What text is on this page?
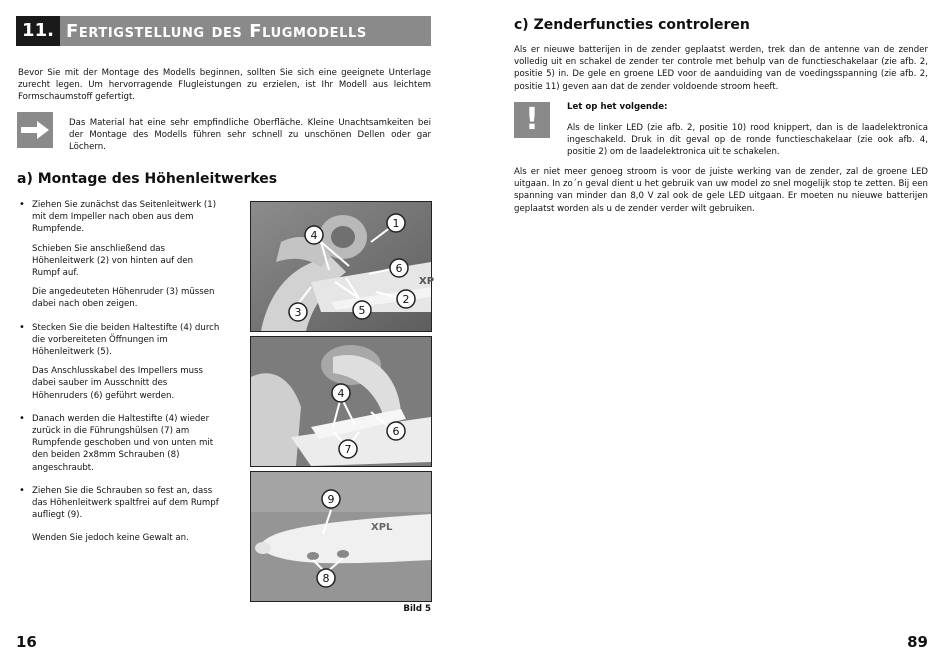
11. Fertigstellung des Flugmodells

Bevor Sie mit der Montage des Modells beginnen, sollten Sie sich eine geeignete Unterlage zurecht legen. Um hervorragende Flugleistungen zu erzielen, ist Ihr Modell aus leichtem Formschaumstoff gefertigt.

Das Material hat eine sehr empfindliche Oberfläche. Kleine Unachtsamkeiten bei der Montage des Modells führen sehr schnell zu unschönen Dellen oder gar Löchern.

a) Montage des Höhenleitwerkes
• Ziehen Sie zunächst das Seitenleitwerk (1) mit dem Impeller nach oben aus dem Rumpfende.
Schieben Sie anschließend das Höhenleitwerk (2) von hinten auf den Rumpf auf.
Die angedeuteten Höhenruder (3) müssen dabei nach oben zeigen.
• Stecken Sie die beiden Haltestifte (4) durch die vorbereiteten Öffnungen im Höhenleitwerk (5).
Das Anschlusskabel des Impellers muss dabei sauber im Ausschnitt des Höhenruders (6) geführt werden.
• Danach werden die Haltestifte (4) wieder zurück in die Führungshülsen (7) am Rumpfende geschoben und von unten mit den beiden 2x8mm Schrauben (8) angeschraubt.
• Ziehen Sie die Schrauben so fest an, dass das Höhenleitwerk spaltfrei auf dem Rumpf aufliegt (9).
Wenden Sie jedoch keine Gewalt an.
XP
1
4
6
2
3	5
4
6
7
XPL
9
8
Bild 5
16
c) Zenderfuncties controleren

Als er nieuwe batterijen in de zender geplaatst werden, trek dan de antenne van de zender volledig uit en schakel de zender ter controle met behulp van de functieschakelaar (zie afb. 2, positie 5) in. De gele en groene LED voor de aanduiding van de voedingsspanning (zie afb. 2, positie 11) geven aan dat de zender voldoende stroom heeft.

!	Let op het volgende:

Als de linker LED (zie afb. 2, positie 10) rood knippert, dan is de laadelektronica ingeschakeld. Druk in dit geval op de ronde functieschakelaar (zie ook afb. 4, positie 2) om de laadelektronica uit te schakelen.

Als er niet meer genoeg stroom is voor de juiste werking van de zender, zal de groene LED uitgaan. In zo´n geval dient u het gebruik van uw model zo snel mogelijk stop te zetten. Bij een spanning van minder dan 8,0 V zal ook de gele LED uitgaan. Er moeten nu nieuwe batterijen geplaatst worden als u de zender verder wilt gebruiken.

89
